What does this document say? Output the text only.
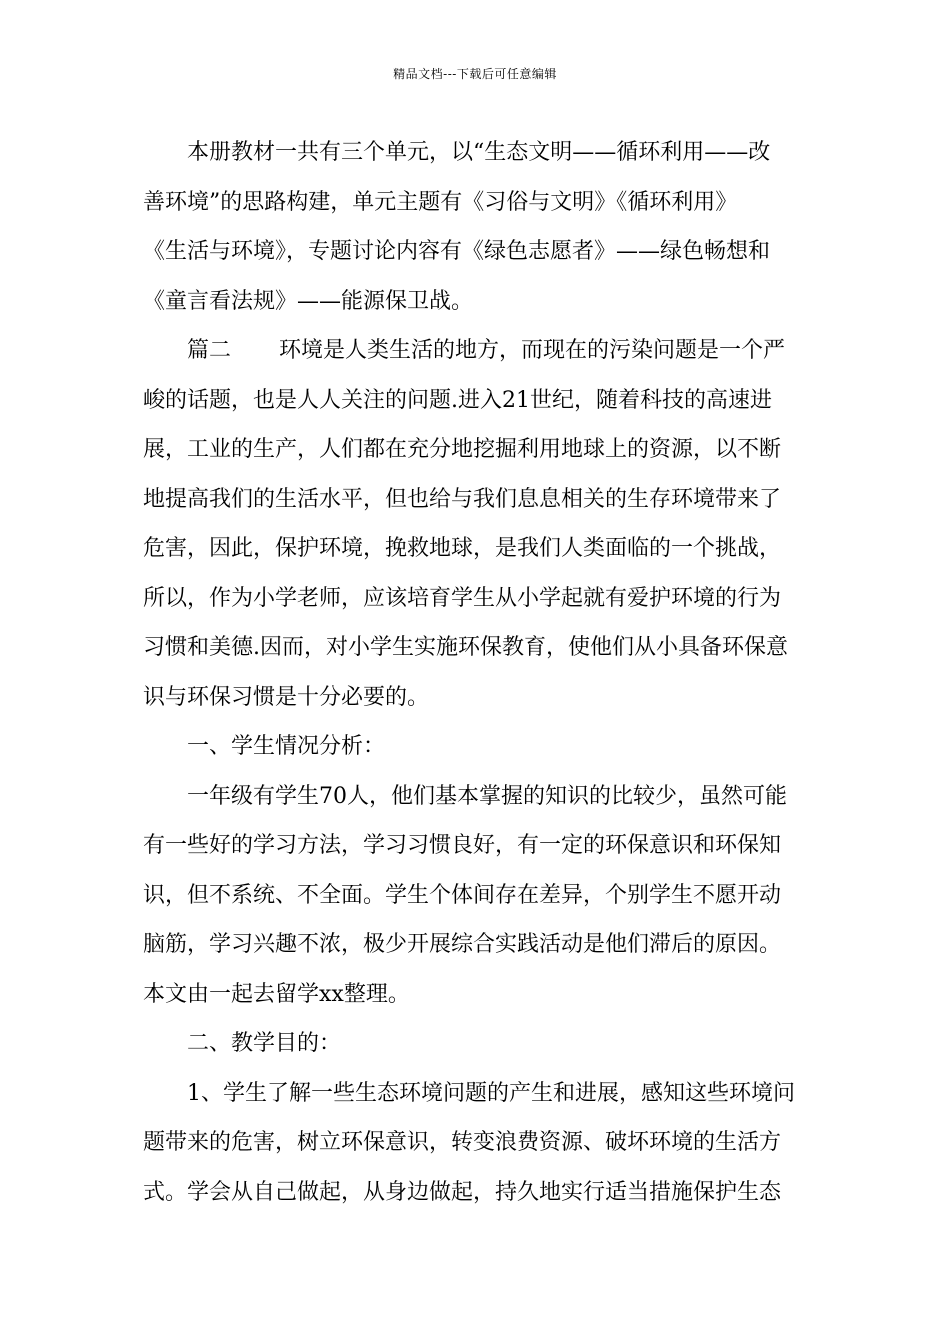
精品文档---下载后可任意编辑
本册教材一共有三个单元，以“生态文明——循环利用——改
善环境”的思路构建，单元主题有《习俗与文明》《循环利用》
《生活与环境》，专题讨论内容有《绿色志愿者》——绿色畅想和
《童言看法规》——能源保卫战。
篇二 环境是人类生活的地方，而现在的污染问题是一个严
峻的话题，也是人人关注的问题.进入21世纪，随着科技的高速进
展，工业的生产，人们都在充分地挖掘利用地球上的资源，以不断
地提高我们的生活水平，但也给与我们息息相关的生存环境带来了
危害，因此，保护环境，挽救地球，是我们人类面临的一个挑战，
所以，作为小学老师，应该培育学生从小学起就有爱护环境的行为
习惯和美德.因而，对小学生实施环保教育，使他们从小具备环保意
识与环保习惯是十分必要的。
一、学生情况分析：
一年级有学生70人，他们基本掌握的知识的比较少，虽然可能
有一些好的学习方法，学习习惯良好，有一定的环保意识和环保知
识，但不系统、不全面。学生个体间存在差异，个别学生不愿开动
脑筋，学习兴趣不浓，极少开展综合实践活动是他们滞后的原因。
本文由一起去留学xx整理。
二、教学目的：
1、学生了解一些生态环境问题的产生和进展，感知这些环境问
题带来的危害，树立环保意识，转变浪费资源、破坏环境的生活方
式。学会从自己做起，从身边做起，持久地实行适当措施保护生态
